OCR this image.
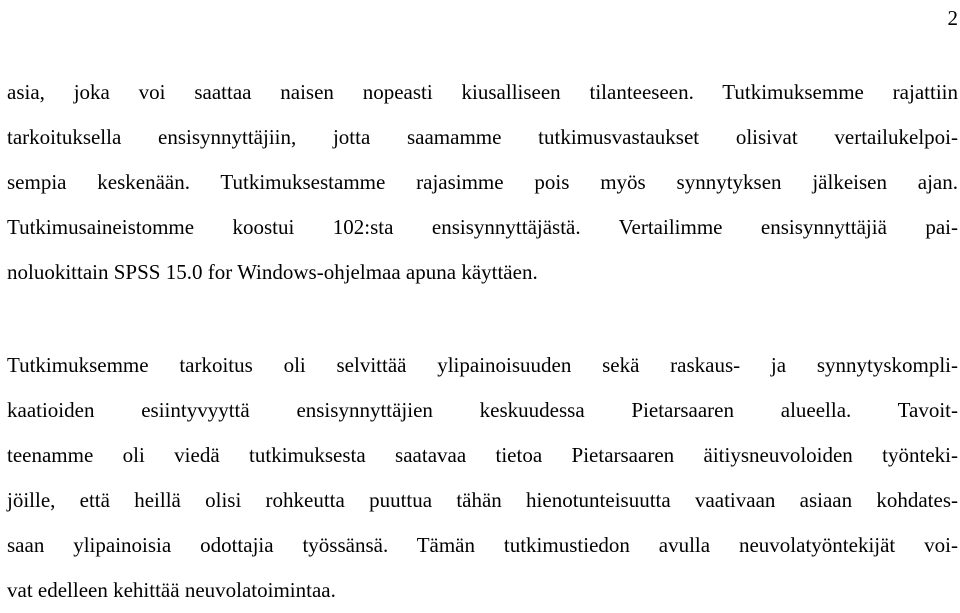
2

asia, joka voi saattaa naisen nopeasti kiusalliseen tilanteeseen. Tutkimuksemme rajattiin
tarkoituksella ensisynnyttäjiin, jotta saamamme tutkimusvastaukset olisivat vertailukelpoi-
sempia keskenään. Tutkimuksestamme rajasimme pois myös synnytyksen jälkeisen ajan.
Tutkimusaineistomme koostui 102:sta ensisynnyttäjästä. Vertailimme ensisynnyttäjiä pai-
noluokittain SPSS 15.0 for Windows-ohjelmaa apuna käyttäen.

Tutkimuksemme tarkoitus oli selvittää ylipainoisuuden sekä raskaus- ja synnytyskompli-
kaatioiden esiintyvyyttä ensisynnyttäjien keskuudessa Pietarsaaren alueella. Tavoit-
teenamme oli viedä tutkimuksesta saatavaa tietoa Pietarsaaren äitiysneuvoloiden työnteki-
jöille, että heillä olisi rohkeutta puuttua tähän hienotunteisuutta vaativaan asiaan kohdates-
saan ylipainoisia odottajia työssänsä. Tämän tutkimustiedon avulla neuvolatyöntekijät voi-
vat edelleen kehittää neuvolatoimintaa.
